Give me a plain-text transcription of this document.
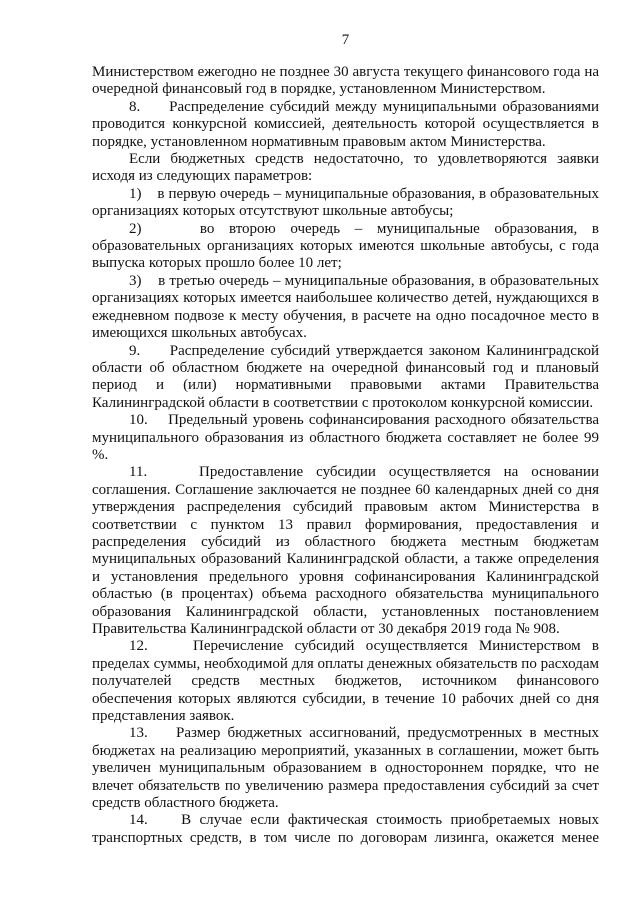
7

Министерством ежегодно не позднее 30 августа текущего финансового года на очередной финансовый год в порядке, установленном Министерством.

8.     Распределение субсидий между муниципальными образованиями проводится конкурсной комиссией, деятельность которой осуществляется в порядке, установленном нормативным правовым актом Министерства.

Если бюджетных средств недостаточно, то удовлетворяются заявки исходя из следующих параметров:

1)    в первую очередь – муниципальные образования, в образовательных организациях которых отсутствуют школьные автобусы;

2)    во второю очередь – муниципальные образования, в образовательных организациях которых имеются школьные автобусы, с года выпуска которых прошло более 10 лет;

3)    в третью очередь – муниципальные образования, в образовательных организациях которых имеется наибольшее количество детей, нуждающихся в ежедневном подвозе к месту обучения, в расчете на одно посадочное место в имеющихся школьных автобусах.

9.     Распределение субсидий утверждается законом Калининградской области об областном бюджете на очередной финансовый год и плановый период и (или) нормативными правовыми актами Правительства Калининградской области в соответствии с протоколом конкурсной комиссии.

10.    Предельный уровень софинансирования расходного обязательства муниципального образования из областного бюджета составляет не более 99 %.

11.    Предоставление субсидии осуществляется на основании соглашения. Соглашение заключается не позднее 60 календарных дней со дня утверждения распределения субсидий правовым актом Министерства в соответствии с пунктом 13 правил формирования, предоставления и распределения субсидий из областного бюджета местным бюджетам муниципальных образований Калининградской области, а также определения и установления предельного уровня софинансирования Калининградской областью (в процентах) объема расходного обязательства муниципального образования Калининградской области, установленных постановлением Правительства Калининградской области от 30 декабря 2019 года № 908.

12.    Перечисление субсидий осуществляется Министерством в пределах суммы, необходимой для оплаты денежных обязательств по расходам получателей средств местных бюджетов, источником финансового обеспечения которых являются субсидии, в течение 10 рабочих дней со дня представления заявок.

13.    Размер бюджетных ассигнований, предусмотренных в местных бюджетах на реализацию мероприятий, указанных в соглашении, может быть увеличен муниципальным образованием в одностороннем порядке, что не влечет обязательств по увеличению размера предоставления субсидий за счет средств областного бюджета.

14.    В случае если фактическая стоимость приобретаемых новых транспортных средств, в том числе по договорам лизинга, окажется менее
